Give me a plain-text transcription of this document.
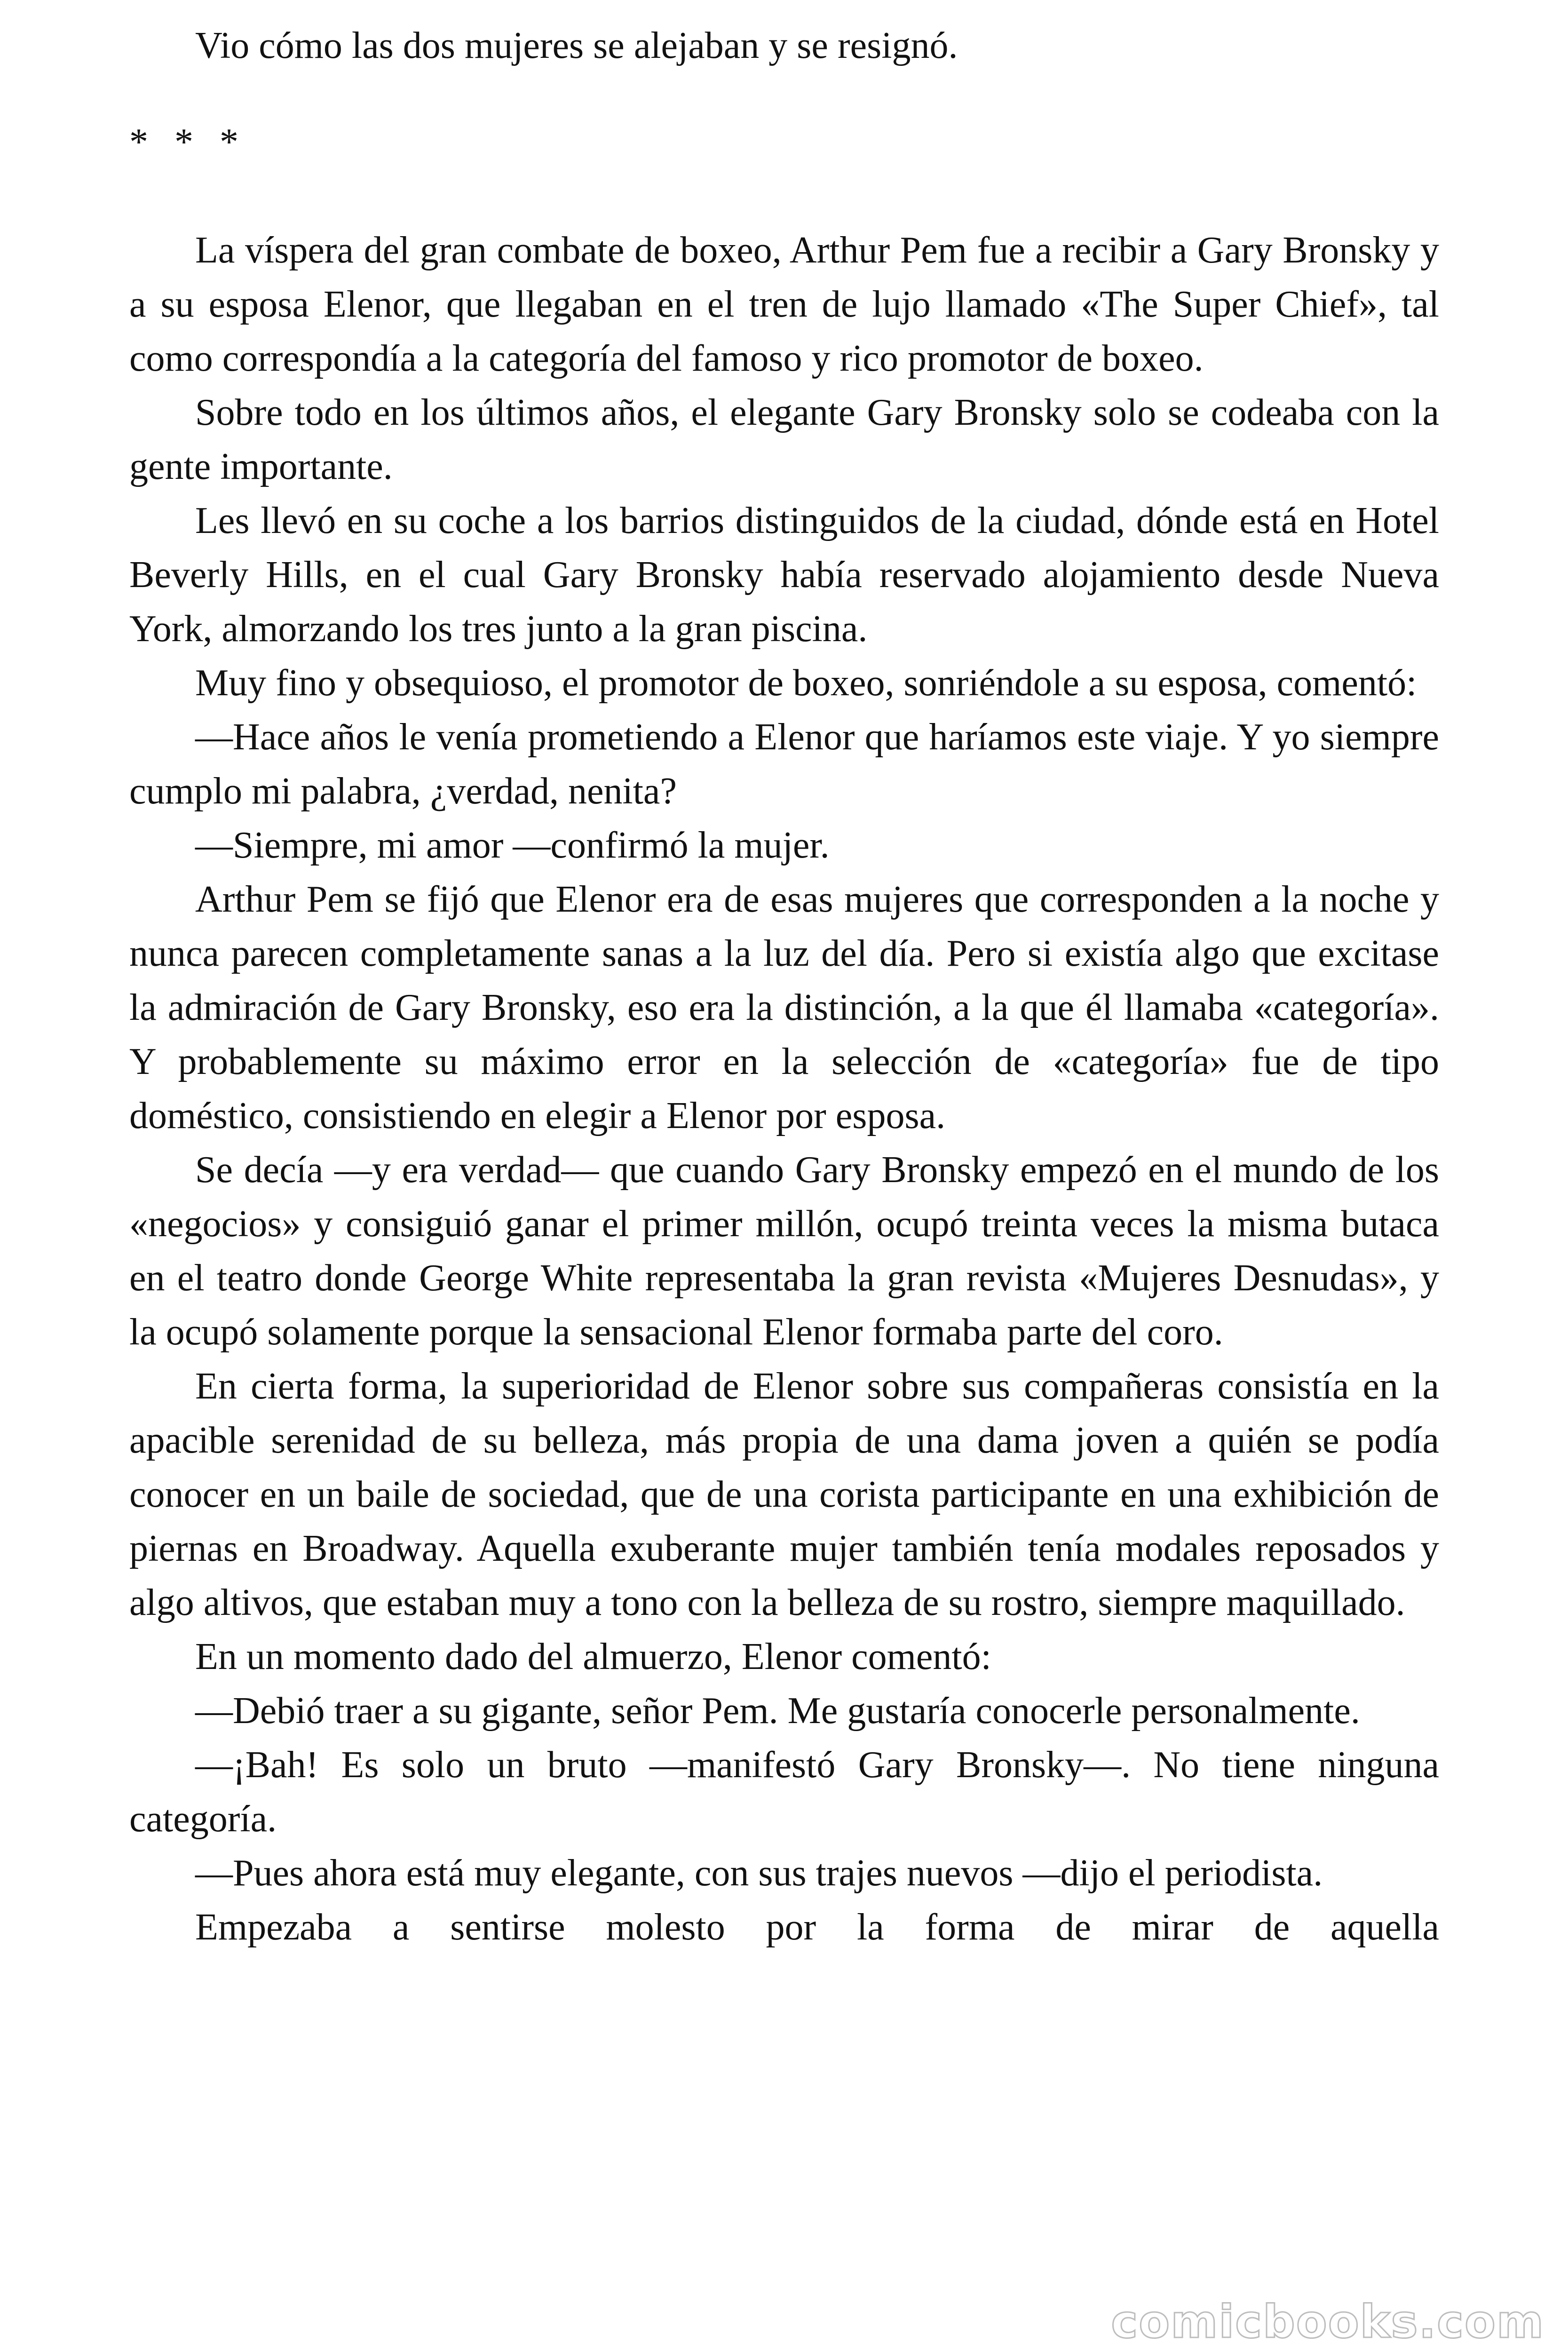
Vio cómo las dos mujeres se alejaban y se resignó.

* * *

La víspera del gran combate de boxeo, Arthur Pem fue a recibir a Gary Bronsky y a su esposa Elenor, que llegaban en el tren de lujo llamado «The Super Chief», tal como correspondía a la categoría del famoso y rico promotor de boxeo.

Sobre todo en los últimos años, el elegante Gary Bronsky solo se codeaba con la gente importante.

Les llevó en su coche a los barrios distinguidos de la ciudad, dónde está en Hotel Beverly Hills, en el cual Gary Bronsky había reservado alojamiento desde Nueva York, almorzando los tres junto a la gran piscina.

Muy fino y obsequioso, el promotor de boxeo, sonriéndole a su esposa, comentó:

—Hace años le venía prometiendo a Elenor que haríamos este viaje. Y yo siempre cumplo mi palabra, ¿verdad, nenita?

—Siempre, mi amor —confirmó la mujer.

Arthur Pem se fijó que Elenor era de esas mujeres que corresponden a la noche y nunca parecen completamente sanas a la luz del día. Pero si existía algo que excitase la admiración de Gary Bronsky, eso era la distinción, a la que él llamaba «categoría». Y probablemente su máximo error en la selección de «categoría» fue de tipo doméstico, consistiendo en elegir a Elenor por esposa.

Se decía —y era verdad— que cuando Gary Bronsky empezó en el mundo de los «negocios» y consiguió ganar el primer millón, ocupó treinta veces la misma butaca en el teatro donde George White representaba la gran revista «Mujeres Desnudas», y la ocupó solamente porque la sensacional Elenor formaba parte del coro.

En cierta forma, la superioridad de Elenor sobre sus compañeras consistía en la apacible serenidad de su belleza, más propia de una dama joven a quién se podía conocer en un baile de sociedad, que de una corista participante en una exhibición de piernas en Broadway. Aquella exuberante mujer también tenía modales reposados y algo altivos, que estaban muy a tono con la belleza de su rostro, siempre maquillado.

En un momento dado del almuerzo, Elenor comentó:

—Debió traer a su gigante, señor Pem. Me gustaría conocerle personalmente.

—¡Bah! Es solo un bruto —manifestó Gary Bronsky—. No tiene ninguna categoría.

—Pues ahora está muy elegante, con sus trajes nuevos —dijo el periodista.

Empezaba a sentirse molesto por la forma de mirar de aquella

comicbooks.com
